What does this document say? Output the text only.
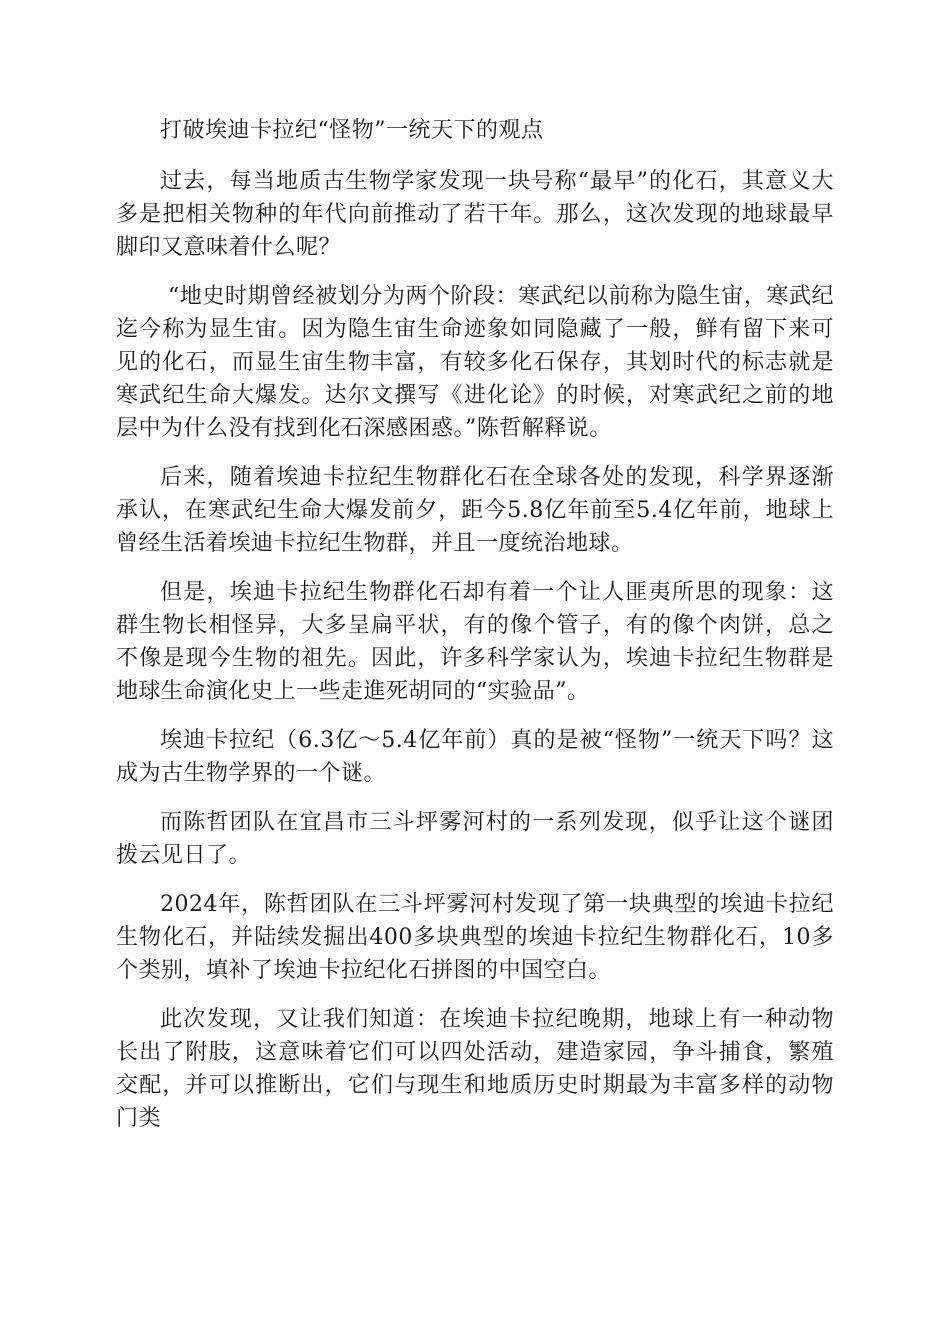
打破埃迪卡拉纪“怪物”一统天下的观点

过去，每当地质古生物学家发现一块号称“最早”的化石，其意义大多是把相关物种的年代向前推动了若干年。那么，这次发现的地球最早脚印又意味着什么呢？

“地史时期曾经被划分为两个阶段：寒武纪以前称为隐生宙，寒武纪迄今称为显生宙。因为隐生宙生命迹象如同隐藏了一般，鲜有留下来可见的化石，而显生宙生物丰富，有较多化石保存，其划时代的标志就是寒武纪生命大爆发。达尔文撰写《进化论》的时候，对寒武纪之前的地层中为什么没有找到化石深感困惑。”陈哲解释说。

后来，随着埃迪卡拉纪生物群化石在全球各处的发现，科学界逐渐承认，在寒武纪生命大爆发前夕，距今5.8亿年前至5.4亿年前，地球上曾经生活着埃迪卡拉纪生物群，并且一度统治地球。

但是，埃迪卡拉纪生物群化石却有着一个让人匪夷所思的现象：这群生物长相怪异，大多呈扁平状，有的像个管子，有的像个肉饼，总之不像是现今生物的祖先。因此，许多科学家认为，埃迪卡拉纪生物群是地球生命演化史上一些走進死胡同的“实验品”。

埃迪卡拉纪（6.3亿～5.4亿年前）真的是被“怪物”一统天下吗？这成为古生物学界的一个谜。

而陈哲团队在宜昌市三斗坪雾河村的一系列发现，似乎让这个谜团拨云见日了。

2024年，陈哲团队在三斗坪雾河村发现了第一块典型的埃迪卡拉纪生物化石，并陆续发掘出400多块典型的埃迪卡拉纪生物群化石，10多个类别，填补了埃迪卡拉纪化石拼图的中国空白。

此次发现，又让我们知道：在埃迪卡拉纪晚期，地球上有一种动物长出了附肢，这意味着它们可以四处活动，建造家园，争斗捕食，繁殖交配，并可以推断出，它们与现生和地质历史时期最为丰富多样的动物门类
